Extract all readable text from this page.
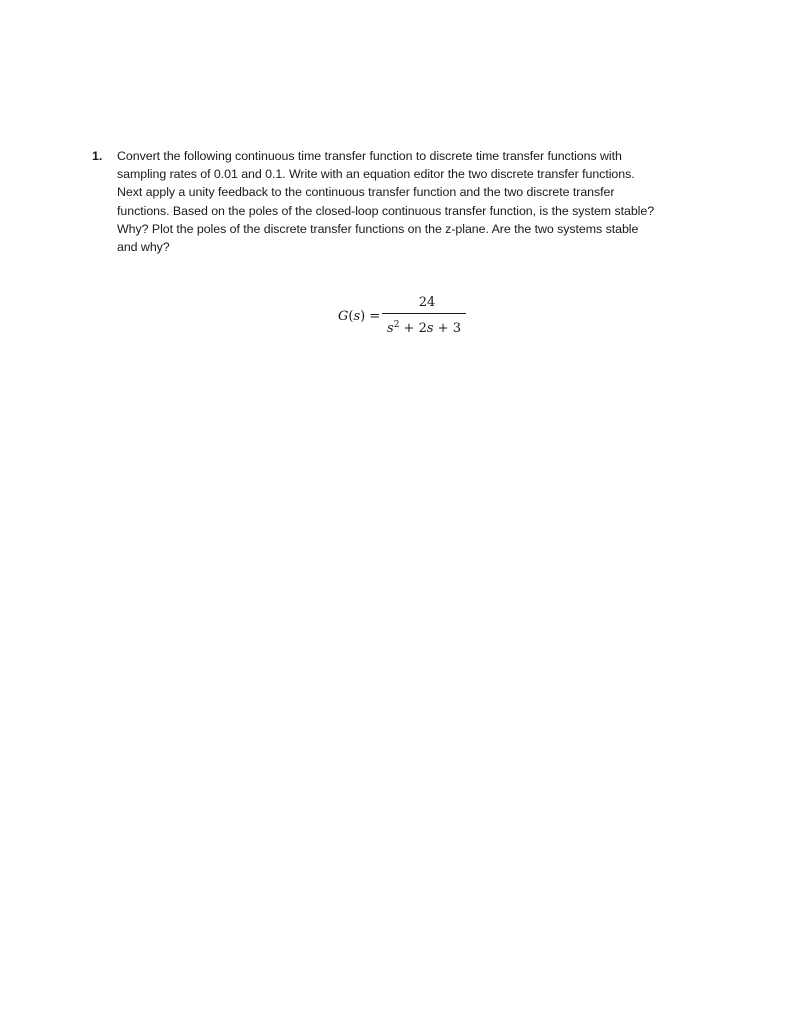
1. Convert the following continuous time transfer function to discrete time transfer functions with
sampling rates of 0.01 and 0.1. Write with an equation editor the two discrete transfer functions.
Next apply a unity feedback to the continuous transfer function and the two discrete transfer
functions. Based on the poles of the closed-loop continuous transfer function, is the system stable?
Why? Plot the poles of the discrete transfer functions on the z-plane. Are the two systems stable
and why?
G(s) =
24
$s^2 + 2s + 3$
